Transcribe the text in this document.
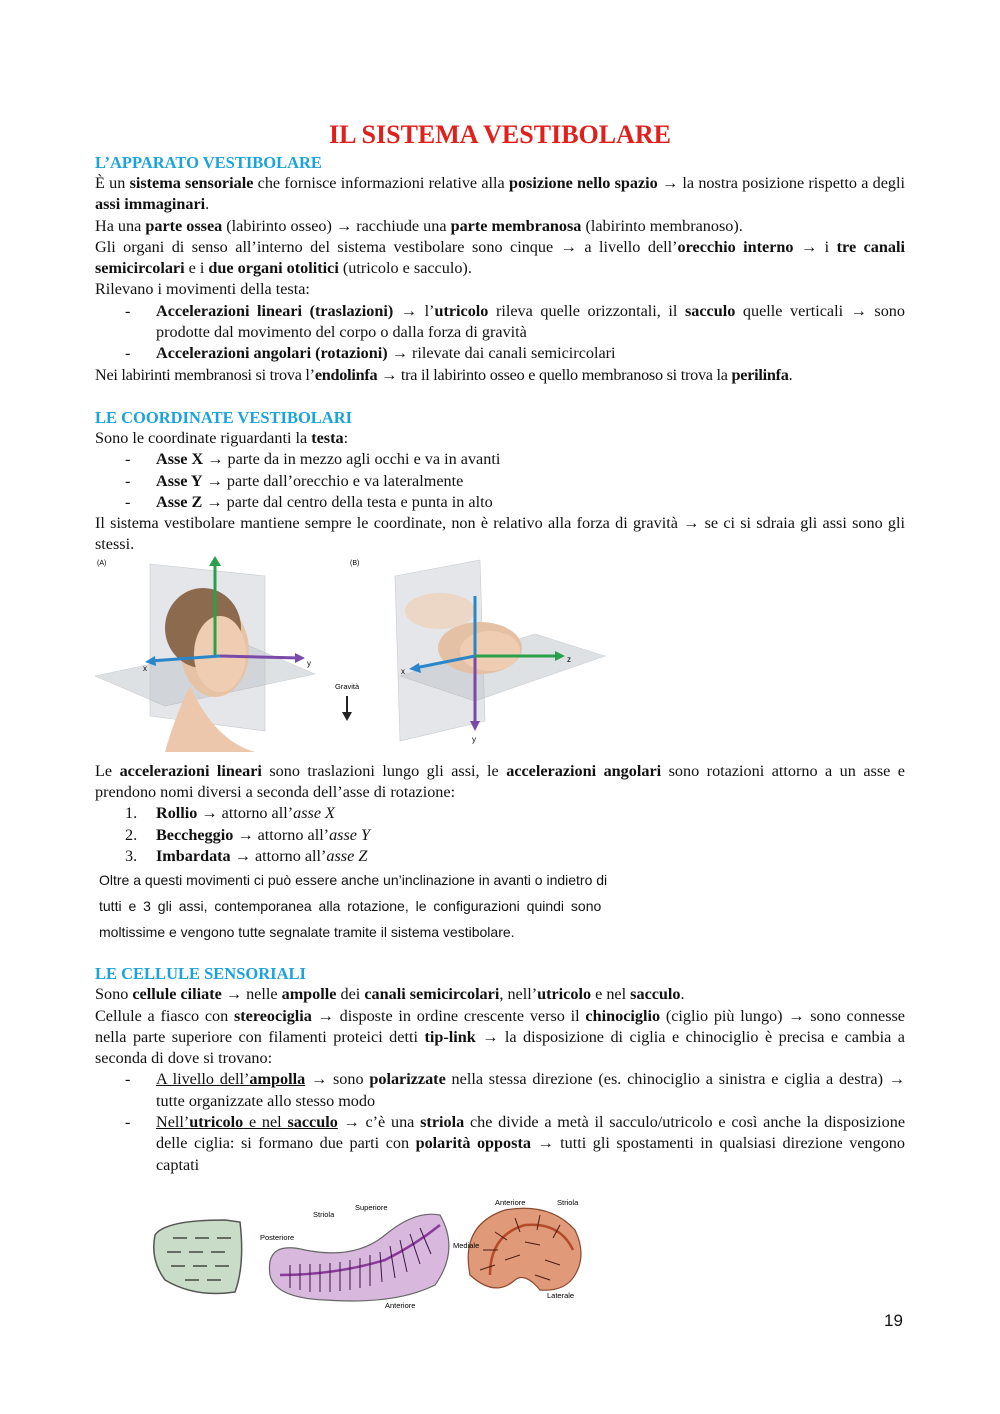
IL SISTEMA VESTIBOLARE
L’APPARATO VESTIBOLARE

È un sistema sensoriale che fornisce informazioni relative alla posizione nello spazio → la nostra posizione rispetto a degli assi immaginari.

Ha una parte ossea (labirinto osseo) → racchiude una parte membranosa (labirinto membranoso).

Gli organi di senso all’interno del sistema vestibolare sono cinque → a livello dell’orecchio interno → i tre canali semicircolari e i due organi otolitici (utricolo e sacculo).

Rilevano i movimenti della testa:

- Accelerazioni lineari (traslazioni) → l’utricolo rileva quelle orizzontali, il sacculo quelle verticali → sono prodotte dal movimento del corpo o dalla forza di gravità
- Accelerazioni angolari (rotazioni) → rilevate dai canali semicircolari

Nei labirinti membranosi si trova l’endolinfa → tra il labirinto osseo e quello membranoso si trova la perilinfa.

LE COORDINATE VESTIBOLARI

Sono le coordinate riguardanti la testa:

- Asse X → parte da in mezzo agli occhi e va in avanti
- Asse Y → parte dall’orecchio e va lateralmente
- Asse Z → parte dal centro della testa e punta in alto

Il sistema vestibolare mantiene sempre le coordinate, non è relativo alla forza di gravità → se ci si sdraia gli assi sono gli stessi.

(A)	(B)
x
y
Gravità
x
z
y

Le accelerazioni lineari sono traslazioni lungo gli assi, le accelerazioni angolari sono rotazioni attorno a un asse e prendono nomi diversi a seconda dell’asse di rotazione:

1. Rollio → attorno all’asse X
2. Beccheggio → attorno all’asse Y
3. Imbardata → attorno all’asse Z
Oltre a questi movimenti ci può essere anche un’inclinazione in avanti o indietro di
tutti e 3 gli assi, contemporanea alla rotazione, le configurazioni quindi sono
moltissime e vengono tutte segnalate tramite il sistema vestibolare.
LE CELLULE SENSORIALI

Sono cellule ciliate → nelle ampolle dei canali semicircolari, nell’utricolo e nel sacculo.

Cellule a fiasco con stereociglia → disposte in ordine crescente verso il chinociglio (ciglio più lungo) → sono connesse nella parte superiore con filamenti proteici detti tip-link → la disposizione di ciglia e chinociglio è precisa e cambia a seconda di dove si trovano:

- A livello dell’ampolla → sono polarizzate nella stessa direzione (es. chinociglio a sinistra e ciglia a destra) → tutte organizzate allo stesso modo
- Nell’utricolo e nel sacculo → c’è una striola che divide a metà il sacculo/utricolo e così anche la disposizione delle ciglia: si formano due parti con polarità opposta → tutti gli spostamenti in qualsiasi direzione vengono captati
Superiore
Striola
Posteriore
Anteriore
Anteriore	Striola
Mediale
Laterale
19
